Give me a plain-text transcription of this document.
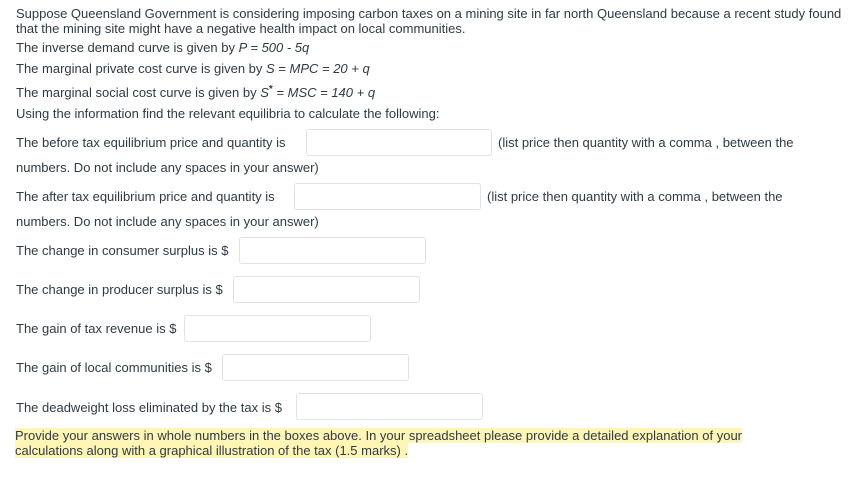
Suppose Queensland Government is considering imposing carbon taxes on a mining site in far north Queensland because a recent study found that the mining site might have a negative health impact on local communities.
The inverse demand curve is given by P = 500 - 5q
The marginal private cost curve is given by S = MPC = 20 + q
The marginal social cost curve is given by S* = MSC = 140 + q
Using the information find the relevant equilibria to calculate the following:
The before tax equilibrium price and quantity is	(list price then quantity with a comma , between the
numbers. Do not include any spaces in your answer)
The after tax equilibrium price and quantity is	(list price then quantity with a comma , between the
numbers. Do not include any spaces in your answer)
The change in consumer surplus is $
The change in producer surplus is $
The gain of tax revenue is $
The gain of local communities is $
The deadweight loss eliminated by the tax is $
Provide your answers in whole numbers in the boxes above. In your spreadsheet please provide a detailed explanation of your calculations along with a graphical illustration of the tax (1.5 marks) .
